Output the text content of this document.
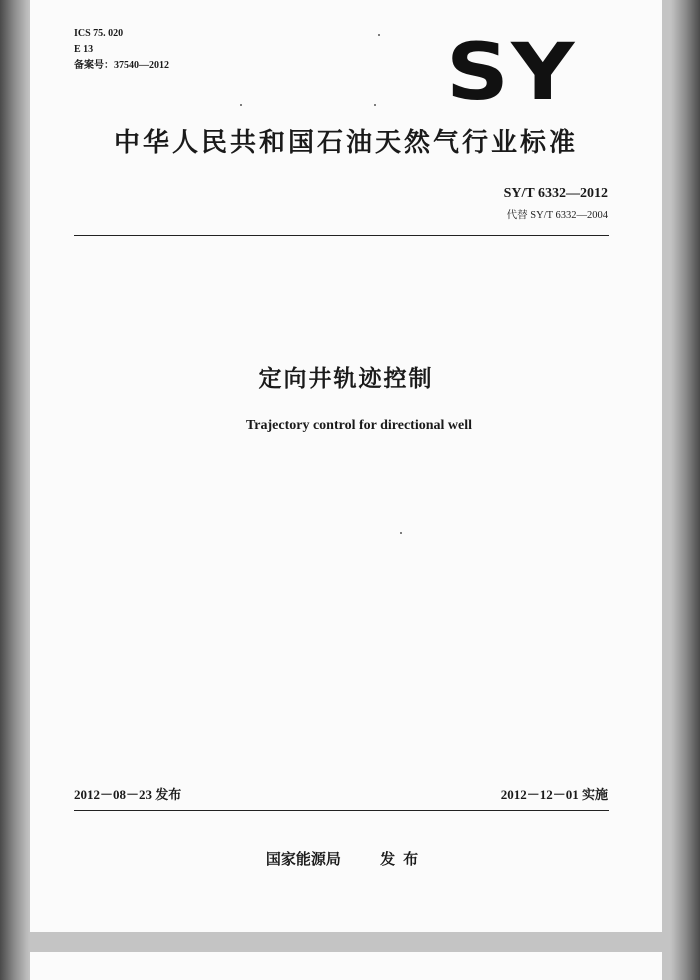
ICS 75. 020
E 13
备案号：37540—2012	SY
中华人民共和国石油天然气行业标准
SY/T 6332—2012
代替 SY/T 6332—2004
定向井轨迹控制
Trajectory control for directional well
2012－08－23 发布	2012－12－01 实施
国家能源局	发布
